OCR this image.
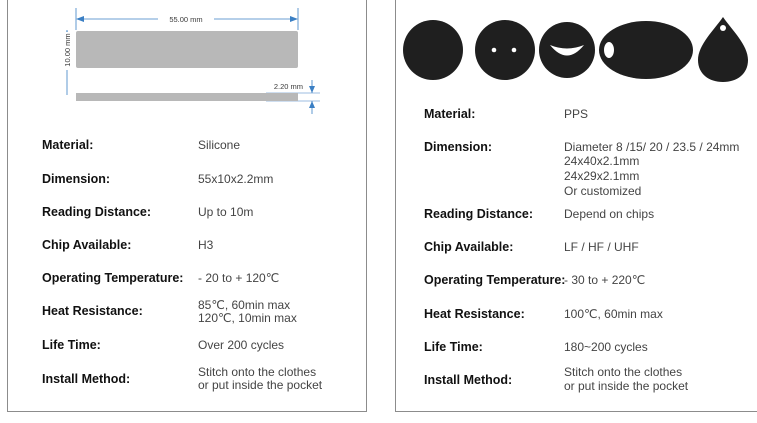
55.00 mm
10.00 mm
2.20 mm
Material:	Silicone
Dimension:	55x10x2.2mm
Reading Distance:	Up to 10m
Chip Available:	H3
Operating Temperature: - 20 to + 120℃
Heat Resistance:	85℃, 60min max
120℃, 10min max
Life Time:	Over 200 cycles
Install Method:	Stitch onto the clothes
or put inside the pocket
Material:	PPS
Dimension:	Diameter 8 /15/ 20 / 23.5 / 24mm
24x40x2.1mm
24x29x2.1mm
Or customized
Reading Distance:	Depend on chips
Chip Available:	LF / HF / UHF
Operating Temperature:
- 30 to + 220℃
Heat Resistance:	100℃, 60min max
Life Time:	180~200 cycles
Install Method:
Stitch onto the clothes
or put inside the pocket
